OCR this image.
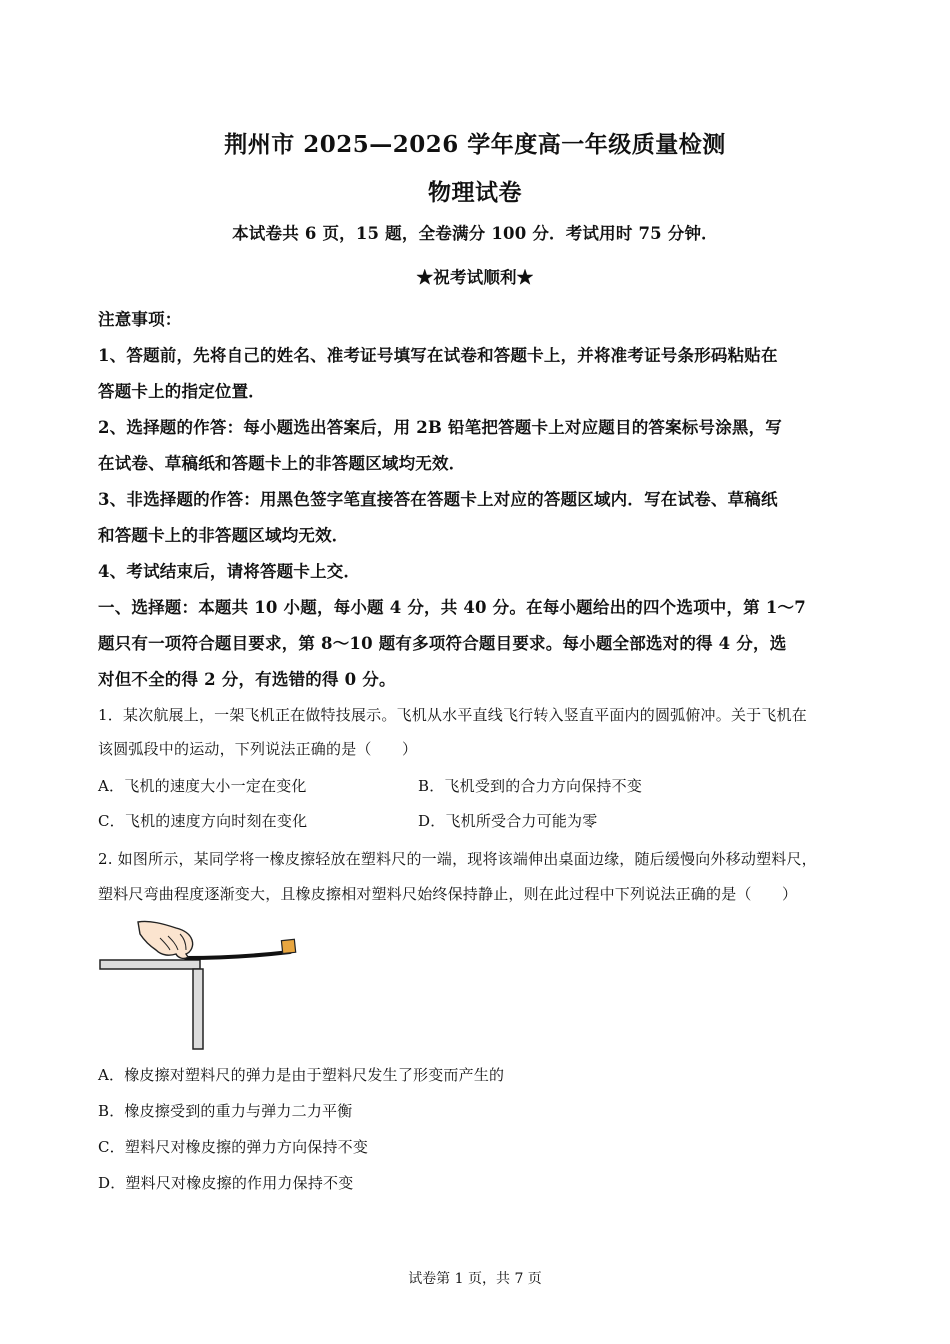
荆州市 2025—2026 学年度高一年级质量检测
物理试卷
本试卷共 6 页，15 题，全卷满分 100 分．考试用时 75 分钟．
★祝考试顺利★
注意事项：
1、答题前，先将自己的姓名、准考证号填写在试卷和答题卡上，并将准考证号条形码粘贴在
答题卡上的指定位置．
2、选择题的作答：每小题选出答案后，用 2B 铅笔把答题卡上对应题目的答案标号涂黑，写
在试卷、草稿纸和答题卡上的非答题区域均无效．
3、非选择题的作答：用黑色签字笔直接答在答题卡上对应的答题区域内．写在试卷、草稿纸
和答题卡上的非答题区域均无效．
4、考试结束后，请将答题卡上交．
一、选择题：本题共 10 小题，每小题 4 分，共 40 分。在每小题给出的四个选项中，第 1～7
题只有一项符合题目要求，第 8～10 题有多项符合题目要求。每小题全部选对的得 4 分，选
对但不全的得 2 分，有选错的得 0 分。
1．某次航展上，一架飞机正在做特技展示。飞机从水平直线飞行转入竖直平面内的圆弧俯冲。关于飞机在
该圆弧段中的运动，下列说法正确的是（　　）
A．飞机的速度大小一定在变化	B．飞机受到的合力方向保持不变
C．飞机的速度方向时刻在变化	D．飞机所受合力可能为零
2. 如图所示，某同学将一橡皮擦轻放在塑料尺的一端，现将该端伸出桌面边缘，随后缓慢向外移动塑料尺，
塑料尺弯曲程度逐渐变大，且橡皮擦相对塑料尺始终保持静止，则在此过程中下列说法正确的是（　　）
A．橡皮擦对塑料尺的弹力是由于塑料尺发生了形变而产生的
B．橡皮擦受到的重力与弹力二力平衡
C．塑料尺对橡皮擦的弹力方向保持不变
D．塑料尺对橡皮擦的作用力保持不变
试卷第 1 页，共 7 页
